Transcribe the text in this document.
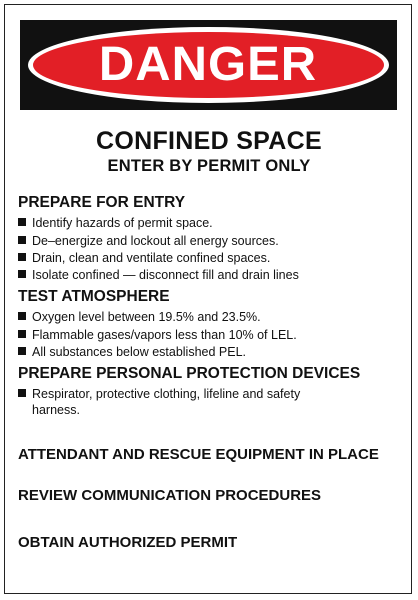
DANGER
CONFINED SPACE
ENTER BY PERMIT ONLY
PREPARE FOR ENTRY
Identify hazards of permit space.
De–energize and lockout all energy sources.
Drain, clean and ventilate confined spaces.
Isolate confined — disconnect fill and drain lines
TEST ATMOSPHERE
Oxygen level between 19.5% and 23.5%.
Flammable gases/vapors less than 10% of LEL.
All substances below established PEL.
PREPARE PERSONAL PROTECTION DEVICES
Respirator, protective clothing, lifeline and safety harness.
ATTENDANT AND RESCUE EQUIPMENT IN PLACE
REVIEW COMMUNICATION PROCEDURES
OBTAIN AUTHORIZED PERMIT
